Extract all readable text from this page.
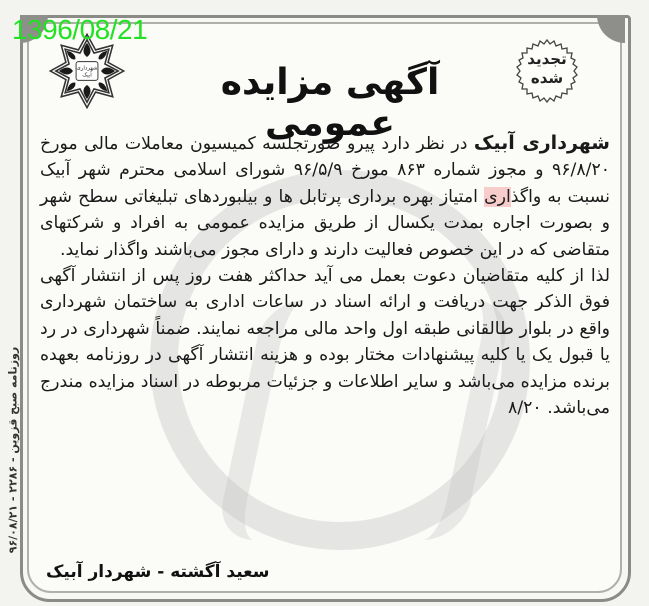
1396/08/21
شهرداری
آبیک
تجدید
شده
آگهی مزایده عمومی	شهرداری آبیک در نظر دارد پیرو صورتجلسه کمیسیون معاملات مالی مورخ ۹۶/۸/۲۰ و مجوز شماره ۸۶۳ مورخ ۹۶/۵/۹ شورای اسلامی محترم شهر آبیک نسبت به واگذاری امتیاز بهره برداری پرتابل ها و بیلبوردهای تبلیغاتی سطح شهر و بصورت اجاره بمدت یکسال از طریق مزایده عمومی به افراد و شرکتهای متقاضی که در این خصوص فعالیت دارند و دارای مجوز می‌باشند واگذار نماید.

لذا از کلیه متقاضیان دعوت بعمل می آید حداکثر هفت روز پس از انتشار آگهی فوق الذکر جهت دریافت و ارائه اسناد در ساعات اداری به ساختمان شهرداری واقع در بلوار طالقانی طبقه اول واحد مالی مراجعه نمایند. ضمناً شهرداری در رد یا قبول یک یا کلیه پیشنهادات مختار بوده و هزینه انتشار آگهی در روزنامه بعهده برنده مزایده می‌باشد و سایر اطلاعات و جزئیات مربوطه در اسناد مزایده مندرج می‌باشد. ۸/۲۰

سعید آگشته - شهردار آبیک
روزنامه صبح قزوین - ۲۲۸۶ - ۹۶/۰۸/۲۱
